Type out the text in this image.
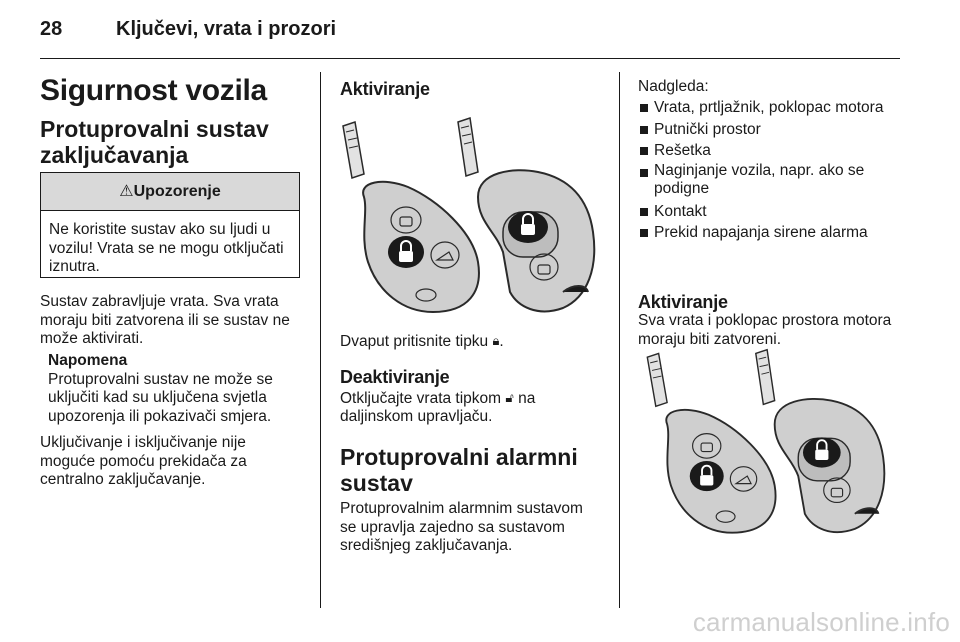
28	Ključevi, vrata i prozori
Sigurnost vozila
Protuprovalni sustav
zaključavanja
⚠Upozorenje

Ne koristite sustav ako su ljudi u

vozilu! Vrata se ne mogu otključati

iznutra.

Sustav zabravljuje vrata. Sva vrata

moraju biti zatvorena ili se sustav ne

može aktivirati.

Napomena

Protuprovalni sustav ne može se

uključiti kad su uključena svjetla

upozorenja ili pokazivači smjera.

Uključivanje i isključivanje nije

moguće pomoću prekidača za

centralno zaključavanje.

Aktiviranje
Dvaput pritisnite tipku 🔒︎.
Deaktiviranje
Otključajte vrata tipkom 🔓︎ na
daljinskom upravljaču.
Protuprovalni alarmni
sustav

Protuprovalnim alarmnim sustavom

se upravlja zajedno sa sustavom

središnjeg zaključavanja.

Nadgleda:
Vrata, prtljažnik, poklopac motora
Putnički prostor
Rešetka
Naginjanje vozila, napr. ako se
podigne
Kontakt
Prekid napajanja sirene alarma
Aktiviranje

Sva vrata i poklopac prostora motora

moraju biti zatvoreni.

carmanualsonline.info
